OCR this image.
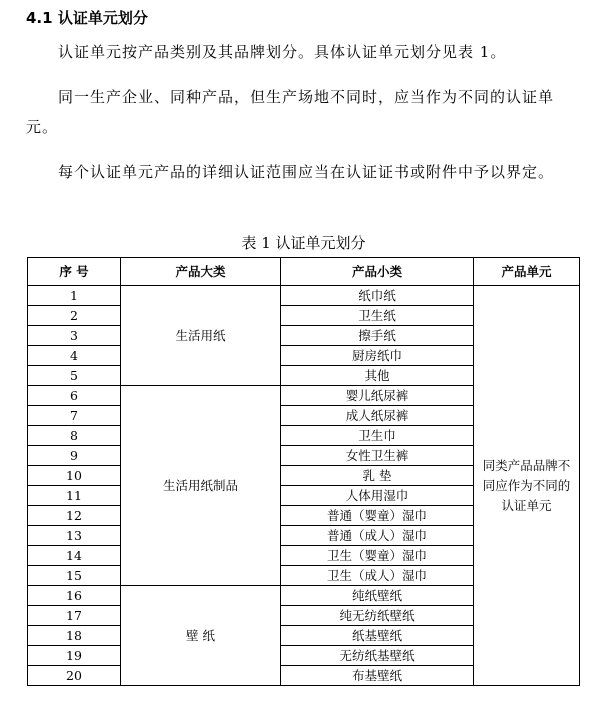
4.1 认证单元划分
认证单元按产品类别及其品牌划分。具体认证单元划分见表 1。
同一生产企业、同种产品，但生产场地不同时，应当作为不同的认证单元。
每个认证单元产品的详细认证范围应当在认证证书或附件中予以界定。
表 1 认证单元划分
序 号	产品大类	产品小类	产品单元
1	生活用纸	纸巾纸	同类产品品牌不同应作为不同的认证单元
2		卫生纸	
3		擦手纸	
4		厨房纸巾	
5		其他	
6	生活用纸制品	婴儿纸尿裤	
7		成人纸尿裤	
8		卫生巾	
9		女性卫生裤	
10		乳 垫	
11		人体用湿巾	
12		普通（婴童）湿巾	
13		普通（成人）湿巾	
14		卫生（婴童）湿巾	
15		卫生（成人）湿巾	
16	壁 纸	纯纸壁纸	
17		纯无纺纸壁纸	
18		纸基壁纸	
19		无纺纸基壁纸	
20		布基壁纸	
